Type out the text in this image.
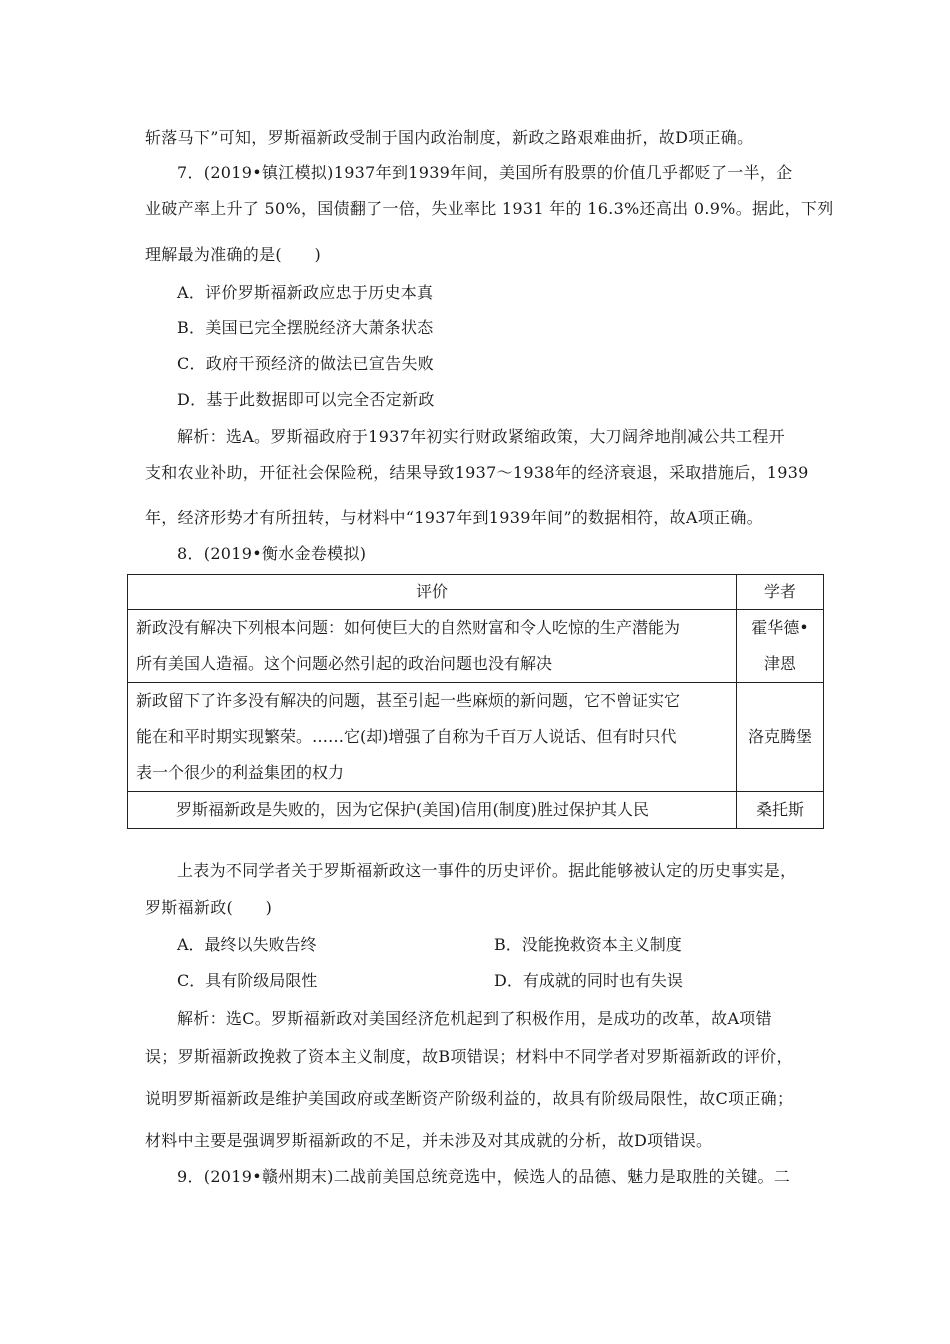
斩落马下”可知，罗斯福新政受制于国内政治制度，新政之路艰难曲折，故D项正确。
7．(2019•镇江模拟)1937年到1939年间，美国所有股票的价值几乎都贬了一半，企
业破产率上升了 50%，国债翻了一倍，失业率比 1931 年的 16.3%还高出 0.9%。据此，下列
理解最为准确的是(　　)
A．评价罗斯福新政应忠于历史本真
B．美国已完全摆脱经济大萧条状态
C．政府干预经济的做法已宣告失败
D．基于此数据即可以完全否定新政
解析：选A。罗斯福政府于1937年初实行财政紧缩政策，大刀阔斧地削减公共工程开
支和农业补助，开征社会保险税，结果导致1937～1938年的经济衰退，采取措施后，1939
年，经济形势才有所扭转，与材料中“1937年到1939年间”的数据相符，故A项正确。
8．(2019•衡水金卷模拟)
评价	学者

新政没有解决下列根本问题：如何使巨大的自然财富和令人吃惊的生产潜能为
所有美国人造福。这个问题必然引起的政治问题也没有解决	霍华德•
津恩

新政留下了许多没有解决的问题，甚至引起一些麻烦的新问题，它不曾证实它
能在和平时期实现繁荣。……它(却)增强了自称为千百万人说话、但有时只代
表一个很少的利益集团的权力	洛克腾堡
罗斯福新政是失败的，因为它保护(美国)信用(制度)胜过保护其人民	桑托斯
上表为不同学者关于罗斯福新政这一事件的历史评价。据此能够被认定的历史事实是，
罗斯福新政(　　)
A．最终以失败告终	B．没能挽救资本主义制度
C．具有阶级局限性	D．有成就的同时也有失误
解析：选C。罗斯福新政对美国经济危机起到了积极作用，是成功的改革，故A项错
误；罗斯福新政挽救了资本主义制度，故B项错误；材料中不同学者对罗斯福新政的评价，
说明罗斯福新政是维护美国政府或垄断资产阶级利益的，故具有阶级局限性，故C项正确；
材料中主要是强调罗斯福新政的不足，并未涉及对其成就的分析，故D项错误。
9．(2019•赣州期末)二战前美国总统竞选中，候选人的品德、魅力是取胜的关键。二
